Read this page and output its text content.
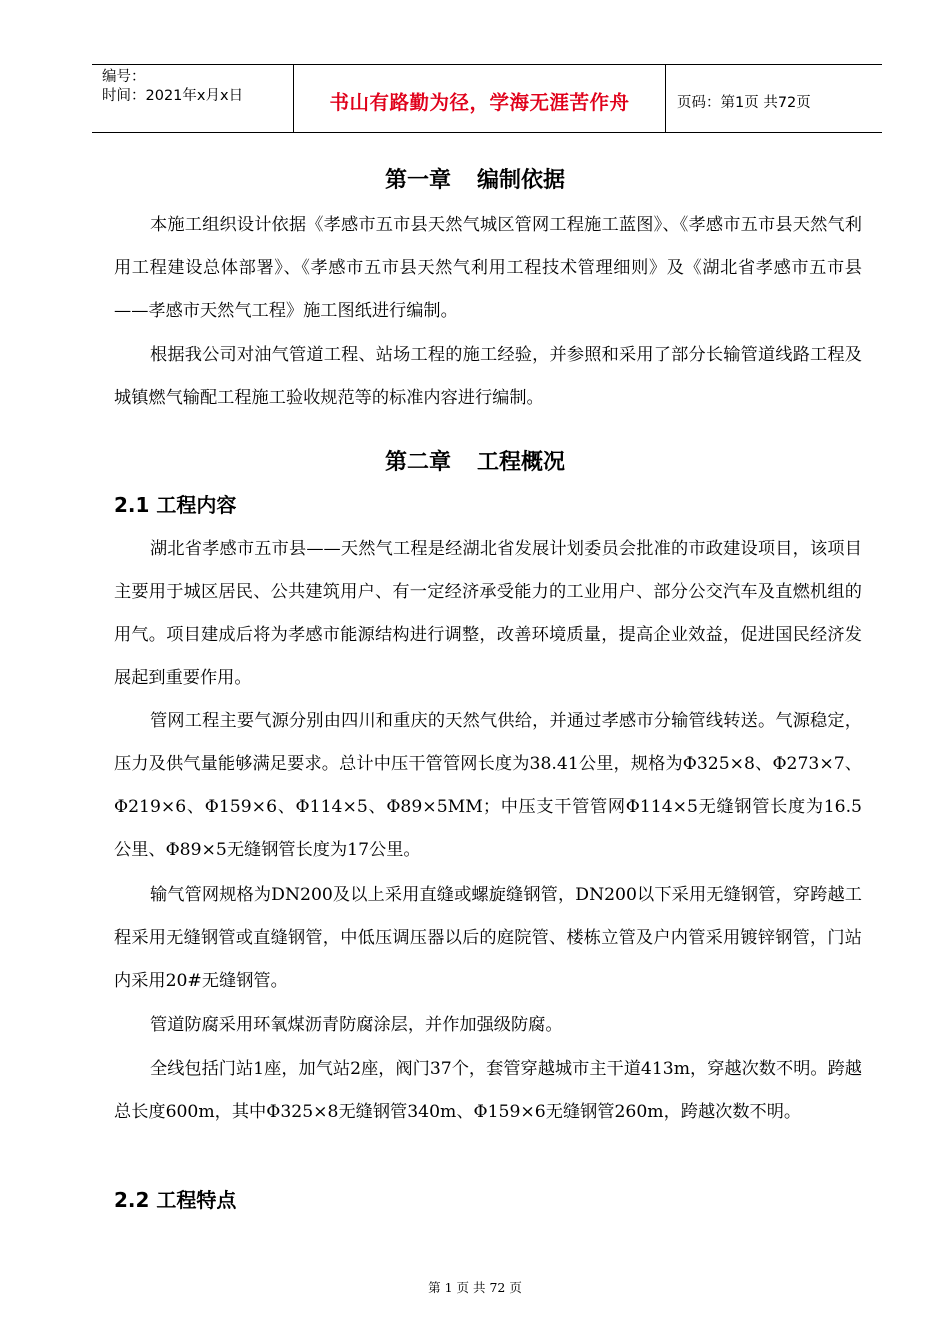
编号：
时间：2021年x月x日	书山有路勤为径，学海无涯苦作舟	页码：第1页 共72页
第一章 编制依据
本施工组织设计依据《孝感市五市县天然气城区管网工程施工蓝图》、《孝感市五市县天然气利用工程建设总体部署》、《孝感市五市县天然气利用工程技术管理细则》及《湖北省孝感市五市县——孝感市天然气工程》施工图纸进行编制。
根据我公司对油气管道工程、站场工程的施工经验，并参照和采用了部分长输管道线路工程及城镇燃气输配工程施工验收规范等的标准内容进行编制。
第二章 工程概况
2.1 工程内容
湖北省孝感市五市县——天然气工程是经湖北省发展计划委员会批准的市政建设项目，该项目主要用于城区居民、公共建筑用户、有一定经济承受能力的工业用户、部分公交汽车及直燃机组的用气。项目建成后将为孝感市能源结构进行调整，改善环境质量，提高企业效益，促进国民经济发展起到重要作用。
管网工程主要气源分别由四川和重庆的天然气供给，并通过孝感市分输管线转送。气源稳定，压力及供气量能够满足要求。总计中压干管管网长度为38.41公里，规格为Φ325×8、Φ273×7、Φ219×6、Φ159×6、Φ114×5、Φ89×5MM；中压支干管管网Φ114×5无缝钢管长度为16.5公里、Φ89×5无缝钢管长度为17公里。
输气管网规格为DN200及以上采用直缝或螺旋缝钢管，DN200以下采用无缝钢管，穿跨越工程采用无缝钢管或直缝钢管，中低压调压器以后的庭院管、楼栋立管及户内管采用镀锌钢管，门站内采用20#无缝钢管。
管道防腐采用环氧煤沥青防腐涂层，并作加强级防腐。
全线包括门站1座，加气站2座，阀门37个，套管穿越城市主干道413m，穿越次数不明。跨越总长度600m，其中Φ325×8无缝钢管340m、Φ159×6无缝钢管260m，跨越次数不明。
2.2 工程特点
第 1 页 共 72 页
